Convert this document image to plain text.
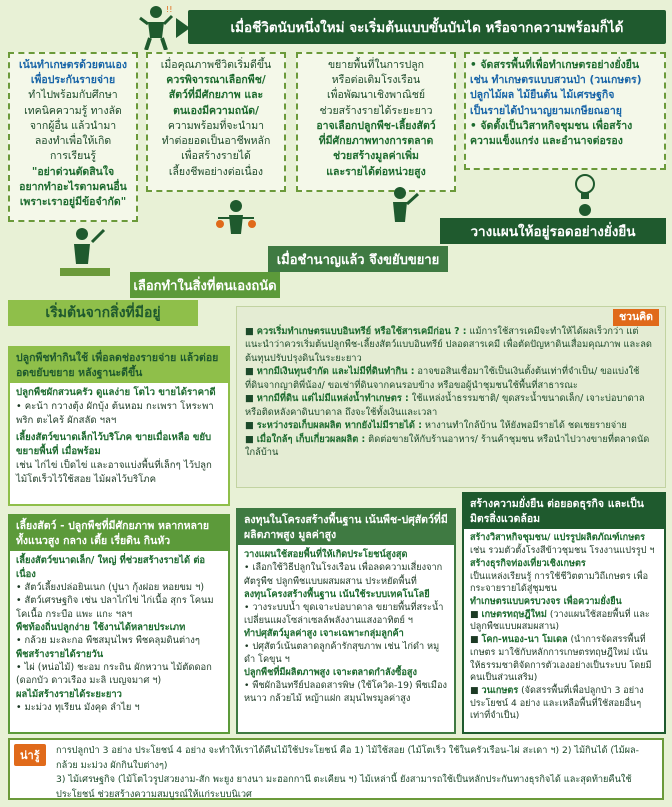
!!
เมื่อชีวิตนับหนึ่งใหม่ จะเริ่มต้นแบบขั้นบันได หรือจากความพร้อมก็ได้
เน้นทำเกษตรด้วยตนเอง
เพื่อประกันรายจ่าย
ทำไปพร้อมกับศึกษา
เทคนิคความรู้ ทางลัด
จากผู้อื่น แล้วนำมา
ลองทำเพื่อให้เกิด
การเรียนรู้
"อย่าด่วนตัดสินใจ
อยากทำอะไรตามคนอื่น
เพราะเราอยู่มีข้อจำกัด"
เมื่อคุณภาพชีวิตเริ่มดีขึ้น
ควรพิจารณาเลือกพืช/
สัตว์ที่มีศักยภาพ และ
ตนเองมีความถนัด/
ความพร้อมที่จะนำมา
ทำต่อยอดเป็นอาชีพหลัก
เพื่อสร้างรายได้
เลี้ยงชีพอย่างต่อเนื่อง
ขยายพื้นที่ในการปลูก
หรือต่อเติมโรงเรือน
เพื่อพัฒนาเชิงพาณิชย์
ช่วยสร้างรายได้ระยะยาว
อาจเลือกปลูกพืช-เลี้ยงสัตว์
ที่มีศักยภาพทางการตลาด
ช่วยสร้างมูลค่าเพิ่ม
และรายได้ต่อหน่วยสูง
• จัดสรรพื้นที่เพื่อทำเกษตรอย่างยั่งยืน
เช่น ทำเกษตรแบบสวนป่า (วนเกษตร)
ปลูกไม้ผล ไม้ยืนต้น ไม้เศรษฐกิจ
เป็นรายได้บำนาญยามเกษียณอายุ
• จัดตั้งเป็นวิสาหกิจชุมชน เพื่อสร้าง
ความแข็งแกร่ง และอำนาจต่อรอง
วางแผนให้อยู่รอดอย่างยั่งยืน
เมื่อชำนาญแล้ว จึงขยับขยาย
เลือกทำในสิ่งที่ตนเองถนัด
เริ่มต้นจากสิ่งที่มีอยู่	ชวนคิด
■ ควรเริ่มทำเกษตรแบบอินทรีย์ หรือใช้สารเคมีก่อน ? : แม้การใช้สารเคมีจะทำให้ได้ผลเร็วกว่า แต่แนะนำว่าควรเริ่มต้นปลูกพืช-เลี้ยงสัตว์แบบอินทรีย์ ปลอดสารเคมี เพื่อตัดปัญหาดินเสื่อมคุณภาพ และลดต้นทุนปรับปรุงดินในระยะยาว
■ หากมีเงินทุนจำกัด และไม่มีที่ดินทำกิน : อาจขอสินเชื่อมาใช้เป็นเงินตั้งต้นเท่าที่จำเป็น/ ขอแบ่งใช้ที่ดินจากญาติพี่น้อง/ ขอเช่าที่ดินจากคนรอบข้าง หรือขอผู้นำชุมชนใช้พื้นที่สาธารณะ
■ หากมีที่ดิน แต่ไม่มีแหล่งน้ำทำเกษตร : ใช้แหล่งน้ำธรรมชาติ/ ขุดสระน้ำขนาดเล็ก/ เจาะบ่อบาดาล หรือติดหลังคาดินบาดาล ถึงจะใช้ทั้งเงินและเวลา
■ ระหว่างรอเก็บผลผลิต หากยังไม่มีรายได้ : หางานทำใกล้บ้าน ให้ยังพอมีรายได้ ชดเชยรายจ่าย
■ เมื่อใกล้ๆ เก็บเกี่ยวผลผลิต : ติดต่อขายให้กับร้านอาหาร/ ร้านค้าชุมชน หรือนำไปวางขายที่ตลาดนัดใกล้บ้าน
ปลูกพืชทำกินใช้ เพื่อลดช่องรายจ่าย แล้วต่อยอดขยับขยาย หลังฐานะดีขึ้น
ปลูกพืชผักสวนครัว ดูแลง่าย โตไว ขายได้ราคาดี
• คะน้า กวางตุ้ง ผักบุ้ง ต้นหอม กะเพรา โหระพา พริก ตะไคร้ ผักสลัด ฯลฯ
เลี้ยงสัตว์ขนาดเล็กไว้บริโภค ขายเมื่อเหลือ ขยับขยายพื้นที่ เมื่อพร้อม
เช่น ไก่ไข่ เป็ดไข่ และอาจแบ่งพื้นที่เล็กๆ ไว้ปลูกไม้โตเร็วไว้ใช้สอย ไม้ผลไว้บริโภค
เลี้ยงสัตว์ - ปลูกพืชที่มีศักยภาพ หลากหลาย ทั้งแนวสูง กลาง เตี้ย เรี่ยดิน กินหัว
เลี้ยงสัตว์ขนาดเล็ก/ ใหญ่ ที่ช่วยสร้างรายได้ ต่อเนื่อง
• สัตว์เลี้ยงปล่อยินเนก (ปูนา กุ้งฝอย หอยขม ฯ)
• สัตว์เศรษฐกิจ เช่น ปลาไก่ไข่ ไก่เนื้อ สุกร โคนม โคเนื้อ กระบือ แพะ แกะ ฯลฯ
พืชท้องถิ่นปลูกง่าย ใช้งานได้หลายประเภท
• กล้วย มะละกอ พืชสมุนไพร พืชคลุมดินต่างๆ
พืชสร้างรายได้รายวัน
• ไผ่ (หน่อไม้) ชะอม กระถิน ผักหวาน ไม้ตัดดอก (ดอกบัว ดาวเรือง มะลิ เบญจมาศ ฯ)
ผลไม้สร้างรายได้ระยะยาว
• มะม่วง ทุเรียน มังคุด ลำไย ฯ
ลงทุนในโครงสร้างพื้นฐาน เน้นพืช-ปศุสัตว์ที่มีผลิตภาพสูง มูลค่าสูง
วางแผนใช้สอยพื้นที่ให้เกิดประโยชน์สูงสุด
• เลือกใช้วิธีปลูกในโรงเรือน เพื่อลดความเสี่ยงจากศัตรูพืช ปลูกพืชแบบผสมผสาน ประหยัดพื้นที่
ลงทุนโครงสร้างพื้นฐาน เน้นใช้ระบบเทคโนโลยี
• วางระบบน้ำ ขุดเจาะบ่อบาดาล ขยายพื้นที่สระน้ำ เปลี่ยนแผงโซล่าเซลล์พลังงานแสงอาทิตย์ ฯ
ทำปศุสัตว์มูลค่าสูง เจาะเฉพาะกลุ่มลูกค้า
• ปศุสัตว์เน้นตลาดลูกค้ารักสุขภาพ เช่น ไก่ดำ หมูดำ โคขุน ฯ
ปลูกพืชที่มีผลิตภาพสูง เจาะตลาดกำลังซื้อสูง
• พืชผักอินทรีย์ปลอดสารพิษ (ใช้โควิด-19) พืชเมืองหนาว กล้วยไม้ หญ้าแฝก สมุนไพรมูลค่าสูง
สร้างความยั่งยืน ต่อยอดธุรกิจ และเป็นมิตรสิ่งแวดล้อม
สร้างวิสาหกิจชุมชน/ แปรรูปผลิตภัณฑ์เกษตร
เช่น รวมตัวตั้งโรงสีข้าวชุมชน โรงงานแปรรูป ฯ
สร้างธุรกิจท่องเที่ยวเชิงเกษตร
เป็นแหล่งเรียนรู้ การใช้ชีวิตตามวิถีเกษตร เพื่อกระจายรายได้สู่ชุมชน
ทำเกษตรแบบครบวงจร เพื่อความยั่งยืน
■ เกษตรทฤษฎีใหม่ (วางแผนใช้สอยพื้นที่ และปลูกพืชแบบผสมผสาน)
■ โคก-หนอง-นา โมเดล (นำการจัดสรรพื้นที่เกษตร มาใช้กับหลักการเกษตรทฤษฎีใหม่ เน้นให้ธรรมชาติจัดการตัวเองอย่างเป็นระบบ โดยมีคนเป็นส่วนเสริม)
■ วนเกษตร (จัดสรรพื้นที่เพื่อปลูกป่า 3 อย่าง ประโยชน์ 4 อย่าง และเหลือพื้นที่ใช้สอยอื่นๆ เท่าที่จำเป็น)
การปลูกป่า 3 อย่าง ประโยชน์ 4 อย่าง จะทำให้เราได้คืนไม้ใช้ประโยชน์ คือ 1) ไม้ใช้สอย (ไม้โตเร็ว ใช้ในครัวเรือน-ไผ่ สะเดา ฯ) 2) ไม้กินได้ (ไม้ผล-กล้วย มะม่วง ผักกินใบต่างๆ)
3) ไม้เศรษฐกิจ (ไม้โตไวรูปสวยงาม-สัก พะยูง ยางนา มะฮอกกานี ตะเคียน ฯ) ไม้เหล่านี้ ยังสามารถใช้เป็นหลักประกันทางธุรกิจได้ และสุดท้ายคืนใช้ประโยชน์ ช่วยสร้างความสมบูรณ์ให้แก่ระบบนิเวศ
น่ารู้
